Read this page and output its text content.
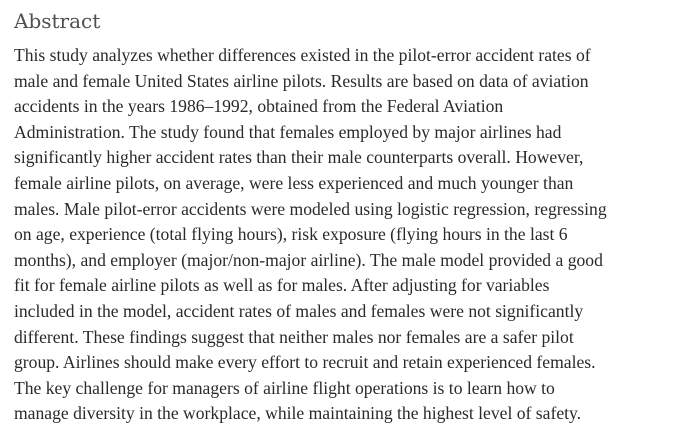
Abstract
This study analyzes whether differences existed in the pilot-error accident rates of
male and female United States airline pilots. Results are based on data of aviation
accidents in the years 1986–1992, obtained from the Federal Aviation
Administration. The study found that females employed by major airlines had
significantly higher accident rates than their male counterparts overall. However,
female airline pilots, on average, were less experienced and much younger than
males. Male pilot-error accidents were modeled using logistic regression, regressing
on age, experience (total flying hours), risk exposure (flying hours in the last 6
months), and employer (major/non-major airline). The male model provided a good
fit for female airline pilots as well as for males. After adjusting for variables
included in the model, accident rates of males and females were not significantly
different. These findings suggest that neither males nor females are a safer pilot
group. Airlines should make every effort to recruit and retain experienced females.
The key challenge for managers of airline flight operations is to learn how to
manage diversity in the workplace, while maintaining the highest level of safety.
